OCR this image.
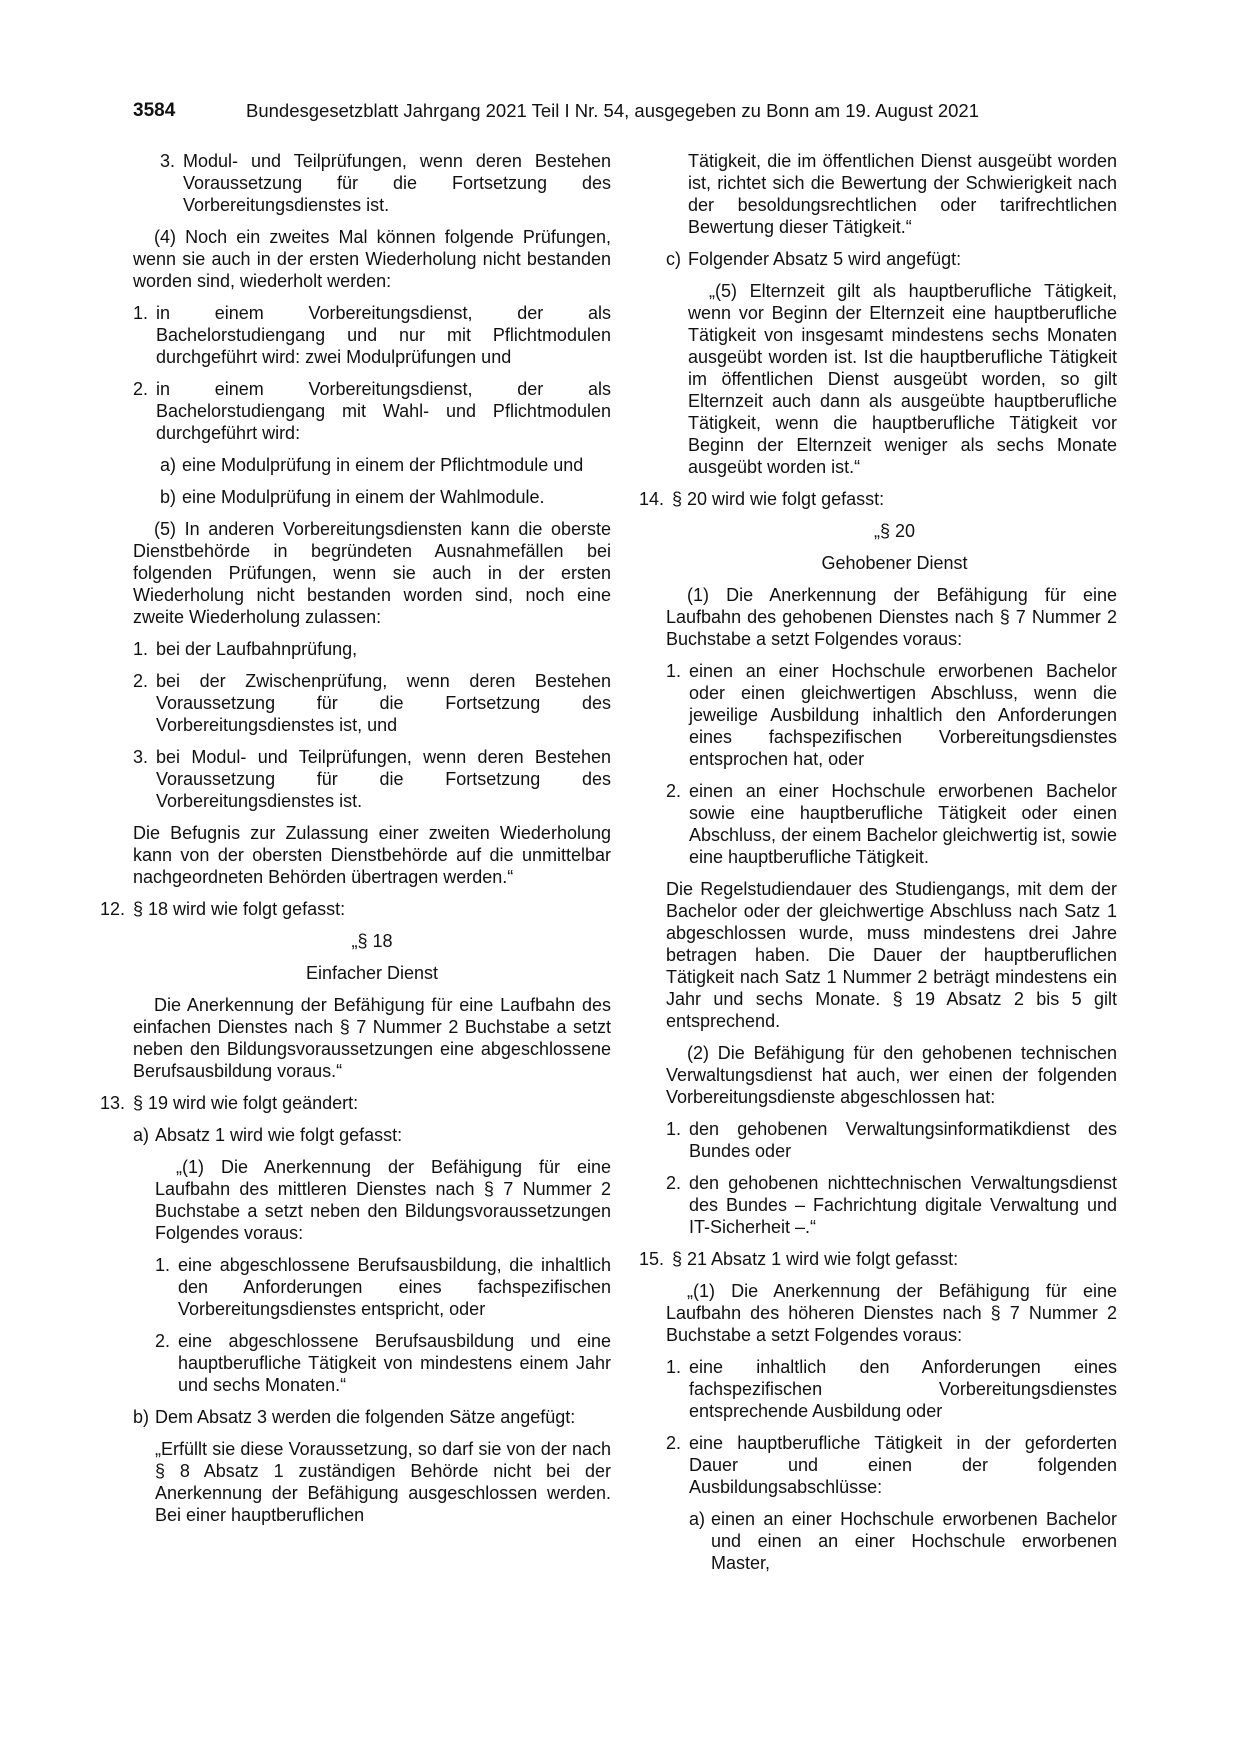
3584	Bundesgesetzblatt Jahrgang 2021 Teil I Nr. 54, ausgegeben zu Bonn am 19. August 2021
3. Modul- und Teilprüfungen, wenn deren Bestehen Voraussetzung für die Fortsetzung des Vorbereitungsdienstes ist.

(4) Noch ein zweites Mal können folgende Prüfungen, wenn sie auch in der ersten Wiederholung nicht bestanden worden sind, wiederholt werden:

1. in einem Vorbereitungsdienst, der als Bachelorstudiengang und nur mit Pflichtmodulen durchgeführt wird: zwei Modulprüfungen und
2. in einem Vorbereitungsdienst, der als Bachelorstudiengang mit Wahl- und Pflichtmodulen durchgeführt wird:
a) eine Modulprüfung in einem der Pflichtmodule und
b) eine Modulprüfung in einem der Wahlmodule.

(5) In anderen Vorbereitungsdiensten kann die oberste Dienstbehörde in begründeten Ausnahmefällen bei folgenden Prüfungen, wenn sie auch in der ersten Wiederholung nicht bestanden worden sind, noch eine zweite Wiederholung zulassen:

1. bei der Laufbahnprüfung,
2. bei der Zwischenprüfung, wenn deren Bestehen Voraussetzung für die Fortsetzung des Vorbereitungsdienstes ist, und
3. bei Modul- und Teilprüfungen, wenn deren Bestehen Voraussetzung für die Fortsetzung des Vorbereitungsdienstes ist.

Die Befugnis zur Zulassung einer zweiten Wiederholung kann von der obersten Dienstbehörde auf die unmittelbar nachgeordneten Behörden übertragen werden.“

12. § 18 wird wie folgt gefasst:

„§ 18

Einfacher Dienst

Die Anerkennung der Befähigung für eine Laufbahn des einfachen Dienstes nach § 7 Nummer 2 Buchstabe a setzt neben den Bildungsvoraussetzungen eine abgeschlossene Berufsausbildung voraus.“

13. § 19 wird wie folgt geändert:
a) Absatz 1 wird wie folgt gefasst:

„(1) Die Anerkennung der Befähigung für eine Laufbahn des mittleren Dienstes nach § 7 Nummer 2 Buchstabe a setzt neben den Bildungsvoraussetzungen Folgendes voraus:

1. eine abgeschlossene Berufsausbildung, die inhaltlich den Anforderungen eines fachspezifischen Vorbereitungsdienstes entspricht, oder
2. eine abgeschlossene Berufsausbildung und eine hauptberufliche Tätigkeit von mindestens einem Jahr und sechs Monaten.“
b) Dem Absatz 3 werden die folgenden Sätze angefügt:

„Erfüllt sie diese Voraussetzung, so darf sie von der nach § 8 Absatz 1 zuständigen Behörde nicht bei der Anerkennung der Befähigung ausgeschlossen werden. Bei einer hauptberuflichen

Tätigkeit, die im öffentlichen Dienst ausgeübt worden ist, richtet sich die Bewertung der Schwierigkeit nach der besoldungsrechtlichen oder tarifrechtlichen Bewertung dieser Tätigkeit.“

c) Folgender Absatz 5 wird angefügt:

„(5) Elternzeit gilt als hauptberufliche Tätigkeit, wenn vor Beginn der Elternzeit eine hauptberufliche Tätigkeit von insgesamt mindestens sechs Monaten ausgeübt worden ist. Ist die hauptberufliche Tätigkeit im öffentlichen Dienst ausgeübt worden, so gilt Elternzeit auch dann als ausgeübte hauptberufliche Tätigkeit, wenn die hauptberufliche Tätigkeit vor Beginn der Elternzeit weniger als sechs Monate ausgeübt worden ist.“

14. § 20 wird wie folgt gefasst:

„§ 20

Gehobener Dienst

(1) Die Anerkennung der Befähigung für eine Laufbahn des gehobenen Dienstes nach § 7 Nummer 2 Buchstabe a setzt Folgendes voraus:

1. einen an einer Hochschule erworbenen Bachelor oder einen gleichwertigen Abschluss, wenn die jeweilige Ausbildung inhaltlich den Anforderungen eines fachspezifischen Vorbereitungsdienstes entsprochen hat, oder
2. einen an einer Hochschule erworbenen Bachelor sowie eine hauptberufliche Tätigkeit oder einen Abschluss, der einem Bachelor gleichwertig ist, sowie eine hauptberufliche Tätigkeit.

Die Regelstudiendauer des Studiengangs, mit dem der Bachelor oder der gleichwertige Abschluss nach Satz 1 abgeschlossen wurde, muss mindestens drei Jahre betragen haben. Die Dauer der hauptberuflichen Tätigkeit nach Satz 1 Nummer 2 beträgt mindestens ein Jahr und sechs Monate. § 19 Absatz 2 bis 5 gilt entsprechend.

(2) Die Befähigung für den gehobenen technischen Verwaltungsdienst hat auch, wer einen der folgenden Vorbereitungsdienste abgeschlossen hat:

1. den gehobenen Verwaltungsinformatikdienst des Bundes oder
2. den gehobenen nichttechnischen Verwaltungsdienst des Bundes – Fachrichtung digitale Verwaltung und IT-Sicherheit –.“
15. § 21 Absatz 1 wird wie folgt gefasst:

„(1) Die Anerkennung der Befähigung für eine Laufbahn des höheren Dienstes nach § 7 Nummer 2 Buchstabe a setzt Folgendes voraus:

1. eine inhaltlich den Anforderungen eines fachspezifischen Vorbereitungsdienstes entsprechende Ausbildung oder
2. eine hauptberufliche Tätigkeit in der geforderten Dauer und einen der folgenden Ausbildungsabschlüsse:
a) einen an einer Hochschule erworbenen Bachelor und einen an einer Hochschule erworbenen Master,
